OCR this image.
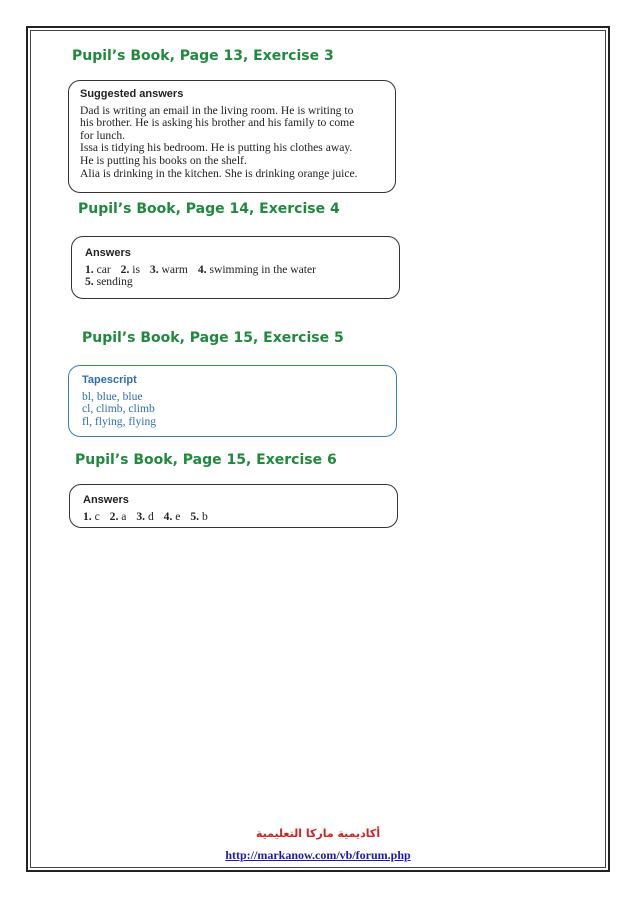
Pupil’s Book, Page 13, Exercise 3
Suggested answers
Dad is writing an email in the living room. He is writing to
his brother. He is asking his brother and his family to come
for lunch.
Issa is tidying his bedroom. He is putting his clothes away.
He is putting his books on the shelf.
Alia is drinking in the kitchen. She is drinking orange juice.
Pupil’s Book, Page 14, Exercise 4
Answers
1. car 2. is 3. warm 4. swimming in the water
5. sending
Pupil’s Book, Page 15, Exercise 5
Tapescript
bl, blue, blue
cl, climb, climb
fl, flying, flying
Pupil’s Book, Page 15, Exercise 6
Answers
1. c 2. a 3. d 4. e 5. b
أكاديمية ماركا التعليمية
http://markanow.com/vb/forum.php
